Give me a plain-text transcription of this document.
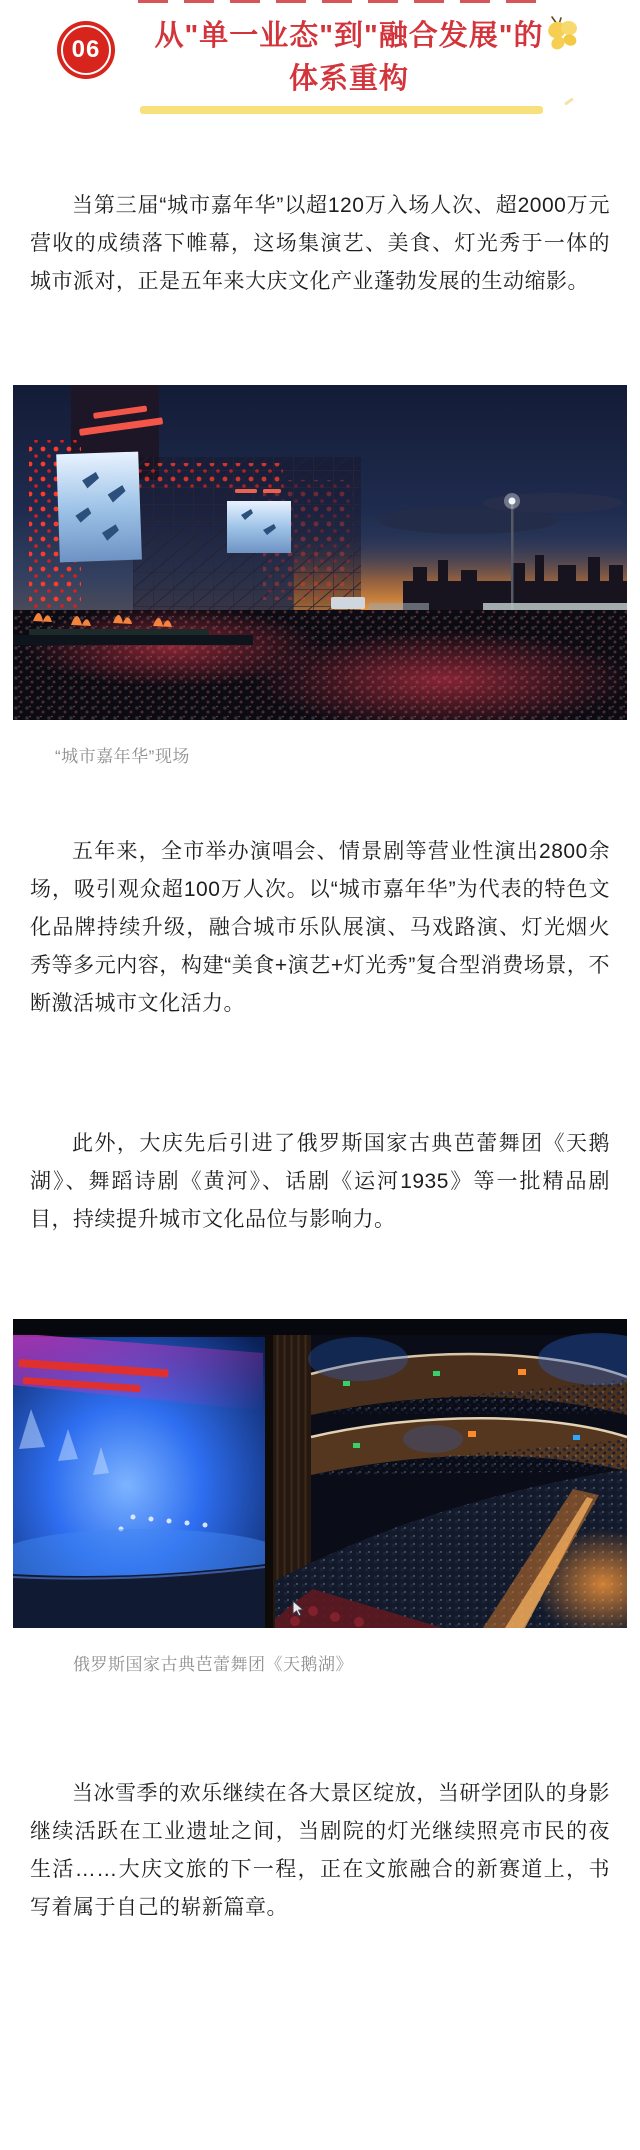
06	从"单一业态"到"融合发展"的
体系重构

当第三届“城市嘉年华”以超120万入场人次、超2000万元营收的成绩落下帷幕，这场集演艺、美食、灯光秀于一体的城市派对，正是五年来大庆文化产业蓬勃发展的生动缩影。

“城市嘉年华”现场

五年来，全市举办演唱会、情景剧等营业性演出2800余场，吸引观众超100万人次。以“城市嘉年华”为代表的特色文化品牌持续升级，融合城市乐队展演、马戏路演、灯光烟火秀等多元内容，构建“美食+演艺+灯光秀”复合型消费场景，不断激活城市文化活力。

此外，大庆先后引进了俄罗斯国家古典芭蕾舞团《天鹅湖》、舞蹈诗剧《黄河》、话剧《运河1935》等一批精品剧目，持续提升城市文化品位与影响力。

俄罗斯国家古典芭蕾舞团《天鹅湖》

当冰雪季的欢乐继续在各大景区绽放，当研学团队的身影继续活跃在工业遗址之间，当剧院的灯光继续照亮市民的夜生活……大庆文旅的下一程，正在文旅融合的新赛道上，书写着属于自己的崭新篇章。
